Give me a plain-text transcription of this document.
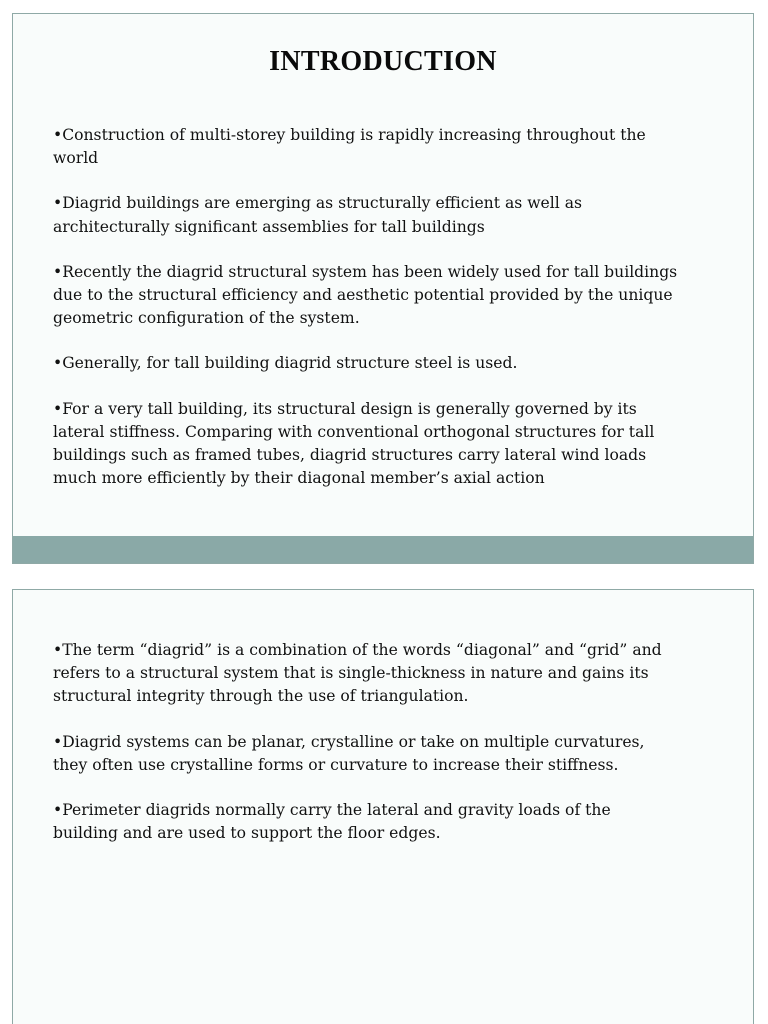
INTRODUCTION
•Construction of multi-storey building is rapidly increasing throughout the
world
•Diagrid buildings are emerging as structurally efficient as well as
architecturally significant assemblies for tall buildings
•Recently the diagrid structural system has been widely used for tall buildings
due to the structural efficiency and aesthetic potential provided by the unique
geometric configuration of the system.
•Generally, for tall building diagrid structure steel is used.
•For a very tall building, its structural design is generally governed by its
lateral stiffness. Comparing with conventional orthogonal structures for tall
buildings such as framed tubes, diagrid structures carry lateral wind loads
much more efficiently by their diagonal member’s axial action
•The term “diagrid” is a combination of the words “diagonal” and “grid” and
refers to a structural system that is single-thickness in nature and gains its
structural integrity through the use of triangulation.
•Diagrid systems can be planar, crystalline or take on multiple curvatures,
they often use crystalline forms or curvature to increase their stiffness.
•Perimeter diagrids normally carry the lateral and gravity loads of the
building and are used to support the floor edges.
